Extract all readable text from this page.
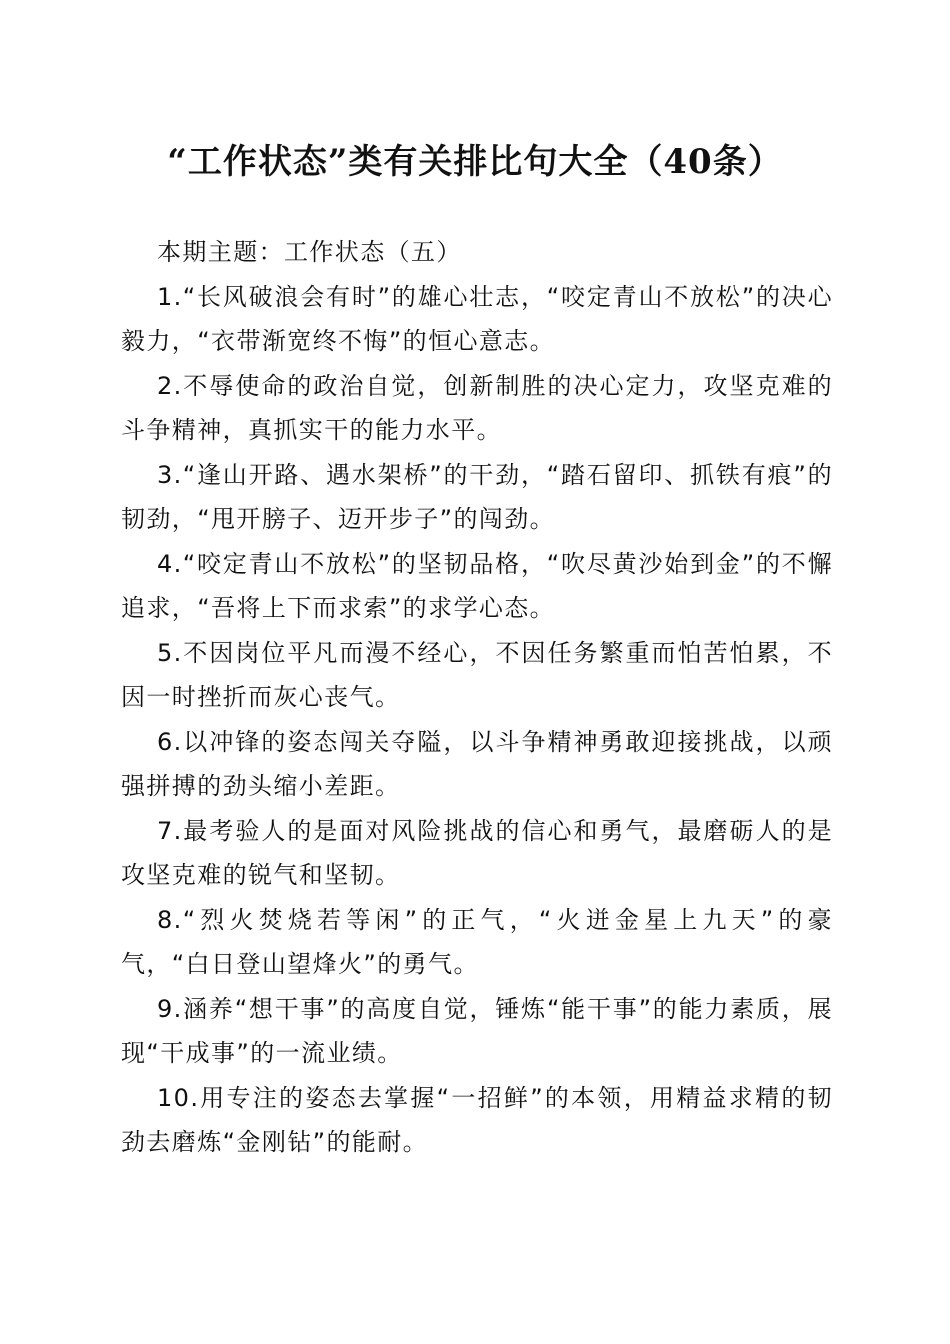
“工作状态”类有关排比句大全（40条）

本期主题：工作状态（五）

1.“长风破浪会有时”的雄心壮志，“咬定青山不放松”的决心毅力，“衣带渐宽终不悔”的恒心意志。

2.不辱使命的政治自觉，创新制胜的决心定力，攻坚克难的斗争精神，真抓实干的能力水平。

3.“逢山开路、遇水架桥”的干劲，“踏石留印、抓铁有痕”的韧劲，“甩开膀子、迈开步子”的闯劲。

4.“咬定青山不放松”的坚韧品格，“吹尽黄沙始到金”的不懈追求，“吾将上下而求索”的求学心态。

5.不因岗位平凡而漫不经心，不因任务繁重而怕苦怕累，不因一时挫折而灰心丧气。

6.以冲锋的姿态闯关夺隘，以斗争精神勇敢迎接挑战，以顽强拼搏的劲头缩小差距。

7.最考验人的是面对风险挑战的信心和勇气，最磨砺人的是攻坚克难的锐气和坚韧。

8.“烈火焚烧若等闲”的正气，“火迸金星上九天”的豪气，“白日登山望烽火”的勇气。

9.涵养“想干事”的高度自觉，锤炼“能干事”的能力素质，展现“干成事”的一流业绩。

10.用专注的姿态去掌握“一招鲜”的本领，用精益求精的韧劲去磨炼“金刚钻”的能耐。
